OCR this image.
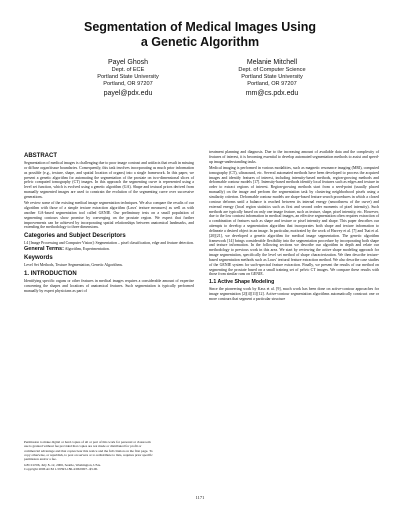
Segmentation of Medical Images Using
a Genetic Algorithm
Payel Ghosh
Dept. of ECE
Portland State University
Portland, OR 97207
payel@pdx.edu
Melanie Mitchell
Dept. of Computer Science
Portland State University
Portland, OR 97207
mm@cs.pdx.edu
ABSTRACT

Segmentation of medical images is challenging due to poor image contrast and artifacts that result in missing or diffuse organ/tissue boundaries. Consequently, this task involves incorporating as much prior information as possible (e.g., texture, shape, and spatial location of organs) into a single framework. In this paper, we present a genetic algorithm for automating the segmentation of the prostate on two-dimensional slices of pelvic computed tomography (CT) images. In this approach the segmenting curve is represented using a level set function, which is evolved using a genetic algorithm (GA). Shape and textural priors derived from manually segmented images are used to constrain the evolution of the segmenting curve over successive generations.

We review some of the existing medical image segmentation techniques. We also compare the results of our algorithm with those of a simple texture extraction algorithm (Laws' texture measures) as well as with another GA-based segmentation tool called GENIE. Our preliminary tests on a small population of segmenting contours show promise by converging on the prostate region. We expect that further improvements can be achieved by incorporating spatial relationships between anatomical landmarks, and extending the methodology to three dimensions.

Categories and Subject Descriptors

I.4 [Image Processing and Computer Vision]: Segmentation – pixel classification, edge and feature detection.

General Terms: Algorithm, Experimentation.

Keywords

Level Set Methods, Texture Segmentation, Genetic Algorithms.

1. INTRODUCTION

Identifying specific organs or other features in medical images requires a considerable amount of expertise concerning the shapes and locations of anatomical features. Such segmentation is typically performed manually by expert physicians as part of

Permission to make digital or hard copies of all or part of this work for personal or classroom use is granted without fee provided that copies are not made or distributed for profit or commercial advantage and that copies bear this notice and the full citation on the first page. To copy otherwise, or republish, to post on servers or to redistribute to lists, requires prior specific permission and/or a fee.

GECCO'06, July 8–12, 2006, Seattle, Washington, USA.

Copyright 2006 ACM 1-59593-186-4/06/0007...$5.00.

treatment planning and diagnosis. Due to the increasing amount of available data and the complexity of features of interest, it is becoming essential to develop automated segmentation methods to assist and speed-up image-understanding tasks.

Medical imaging is performed in various modalities, such as magnetic resonance imaging (MRI), computed tomography (CT), ultrasound, etc. Several automated methods have been developed to process the acquired images and identify features of interest, including intensity-based methods, region-growing methods and deformable contour models [17]. Intensity-based methods identify local features such as edges and texture in order to extract regions of interest. Region-growing methods start from a seed-point (usually placed manually) on the image and perform the segmentation task by clustering neighborhood pixels using a similarity criterion. Deformable contour models are shape-based feature search procedures in which a closed contour deforms until a balance is reached between its internal energy (smoothness of the curve) and external energy (local region statistics such as first and second order moments of pixel intensity). Such methods are typically based on only one image feature, such as texture, shape, pixel intensity, etc. However, due to the low contrast information in medical images, an effective segmentation often requires extraction of a combination of features such as shape and texture or pixel intensity and shape. This paper describes our attempts to develop a segmentation algorithm that incorporates both shape and texture information to delineate a desired object in an image. In particular, motivated by the work of Harvey et al. [7] and Tsai et al. [20][21], we developed a genetic algorithm for medical image segmentation. The genetic algorithm framework [14] brings considerable flexibility into the segmentation procedure by incorporating both shape and texture information. In the following sections we describe our algorithm in depth and relate our methodology to previous work in this area. We start by reviewing the active shape modeling approach for image segmentation, specifically the level set method of shape characterization. We then describe texture-based segmentation methods such as Laws' textural feature extraction method. We also describe case studies of the GENIE system for such-spectral feature extraction. Finally, we present the results of our method on segmenting the prostate based on a small training set of pelvic CT images. We compare these results with those from similar runs on GENIE.

1.1 Active Shape Modeling

Since the pioneering work by Kass et al. [9], much work has been done on active-contour approaches for image segmentation [2][4][11][12]. Active-contour segmentation algorithms automatically construct one or more contours that segment a particular structure

1171
